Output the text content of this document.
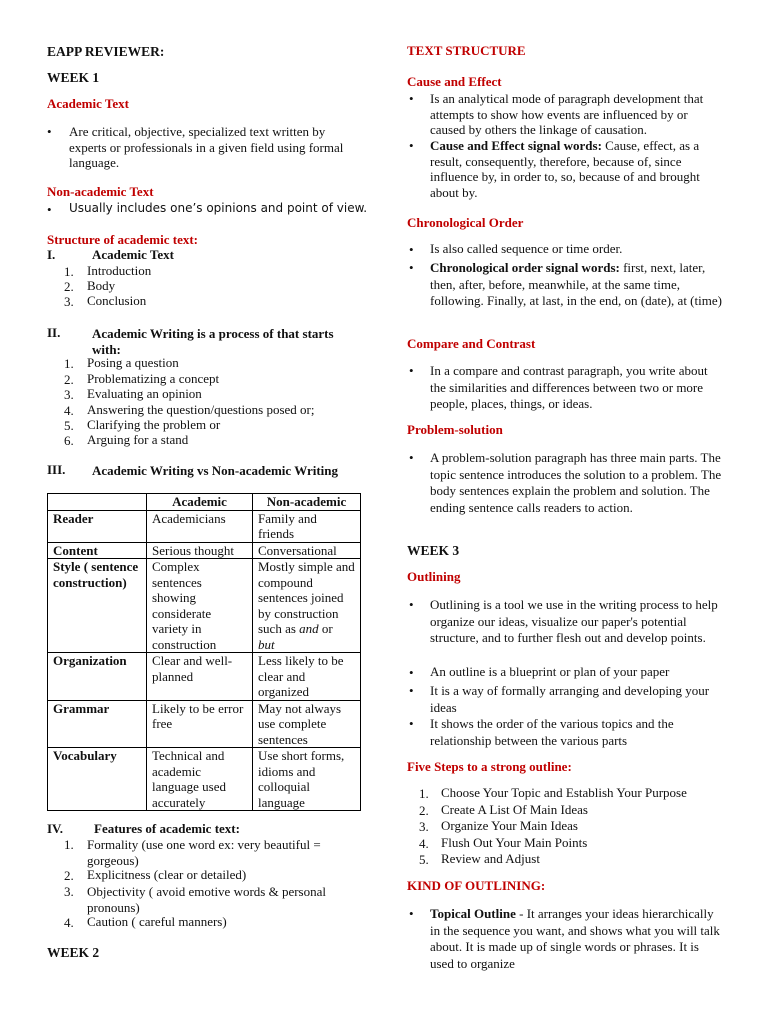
EAPP REVIEWER:
WEEK 1
Academic Text
• Are critical, objective, specialized text written by experts or professionals in a given field using formal language.
Non-academic Text
• Usually includes one’s opinions and point of view.
Structure of academic text:
I.	Academic Text
1. Introduction
2. Body
3. Conclusion
II. Academic Writing is a process of that starts with:
1. Posing a question
2. Problematizing a concept
3. Evaluating an opinion
4. Answering the question/questions posed or;
5. Clarifying the problem or
6. Arguing for a stand
III. Academic Writing vs Non-academic Writing
	Academic	Non-academic
Reader	Academicians	Family and friends
Content	Serious thought	Conversational
Style ( sentence construction)	Complex sentences showing considerate variety in construction	Mostly simple and compound sentences joined by construction such as and or
but
Organization	Clear and well-planned	Less likely to be clear and organized
Grammar	Likely to be error free	May not always use complete sentences
Vocabulary	Technical and academic language used accurately	Use short forms, idioms and colloquial language
IV. Features of academic text:
1. Formality (use one word ex: very beautiful = gorgeous)
2. Explicitness (clear or detailed)
3. Objectivity ( avoid emotive words & personal pronouns)
4. Caution ( careful manners)
WEEK 2
TEXT STRUCTURE
Cause and Effect
• Is an analytical mode of paragraph development that attempts to show how events are influenced by or caused by others the linkage of causation.
• Cause and Effect signal words: Cause, effect, as a result, consequently, therefore, because of, since influence by, in order to, so, because of and brought about by.
Chronological Order
• Is also called sequence or time order.
• Chronological order signal words: first, next, later, then, after, before, meanwhile, at the same time, following. Finally, at last, in the end, on (date), at (time)
Compare and Contrast
• In a compare and contrast paragraph, you write about the similarities and differences between two or more people, places, things, or ideas.
Problem-solution
• A problem-solution paragraph has three main parts. The topic sentence introduces the solution to a problem. The body sentences explain the problem and solution. The ending sentence calls readers to action.
WEEK 3
Outlining
• Outlining is a tool we use in the writing process to help organize our ideas, visualize our paper's potential structure, and to further flesh out and develop points.
• An outline is a blueprint or plan of your paper
• It is a way of formally arranging and developing your ideas
• It shows the order of the various topics and the relationship between the various parts
Five Steps to a strong outline:
1. Choose Your Topic and Establish Your Purpose
2. Create A List Of Main Ideas
3. Organize Your Main Ideas
4. Flush Out Your Main Points
5. Review and Adjust
KIND OF OUTLINING:
• Topical Outline - It arranges your ideas hierarchically in the sequence you want, and shows what you will talk about. It is made up of single words or phrases. It is used to organize
